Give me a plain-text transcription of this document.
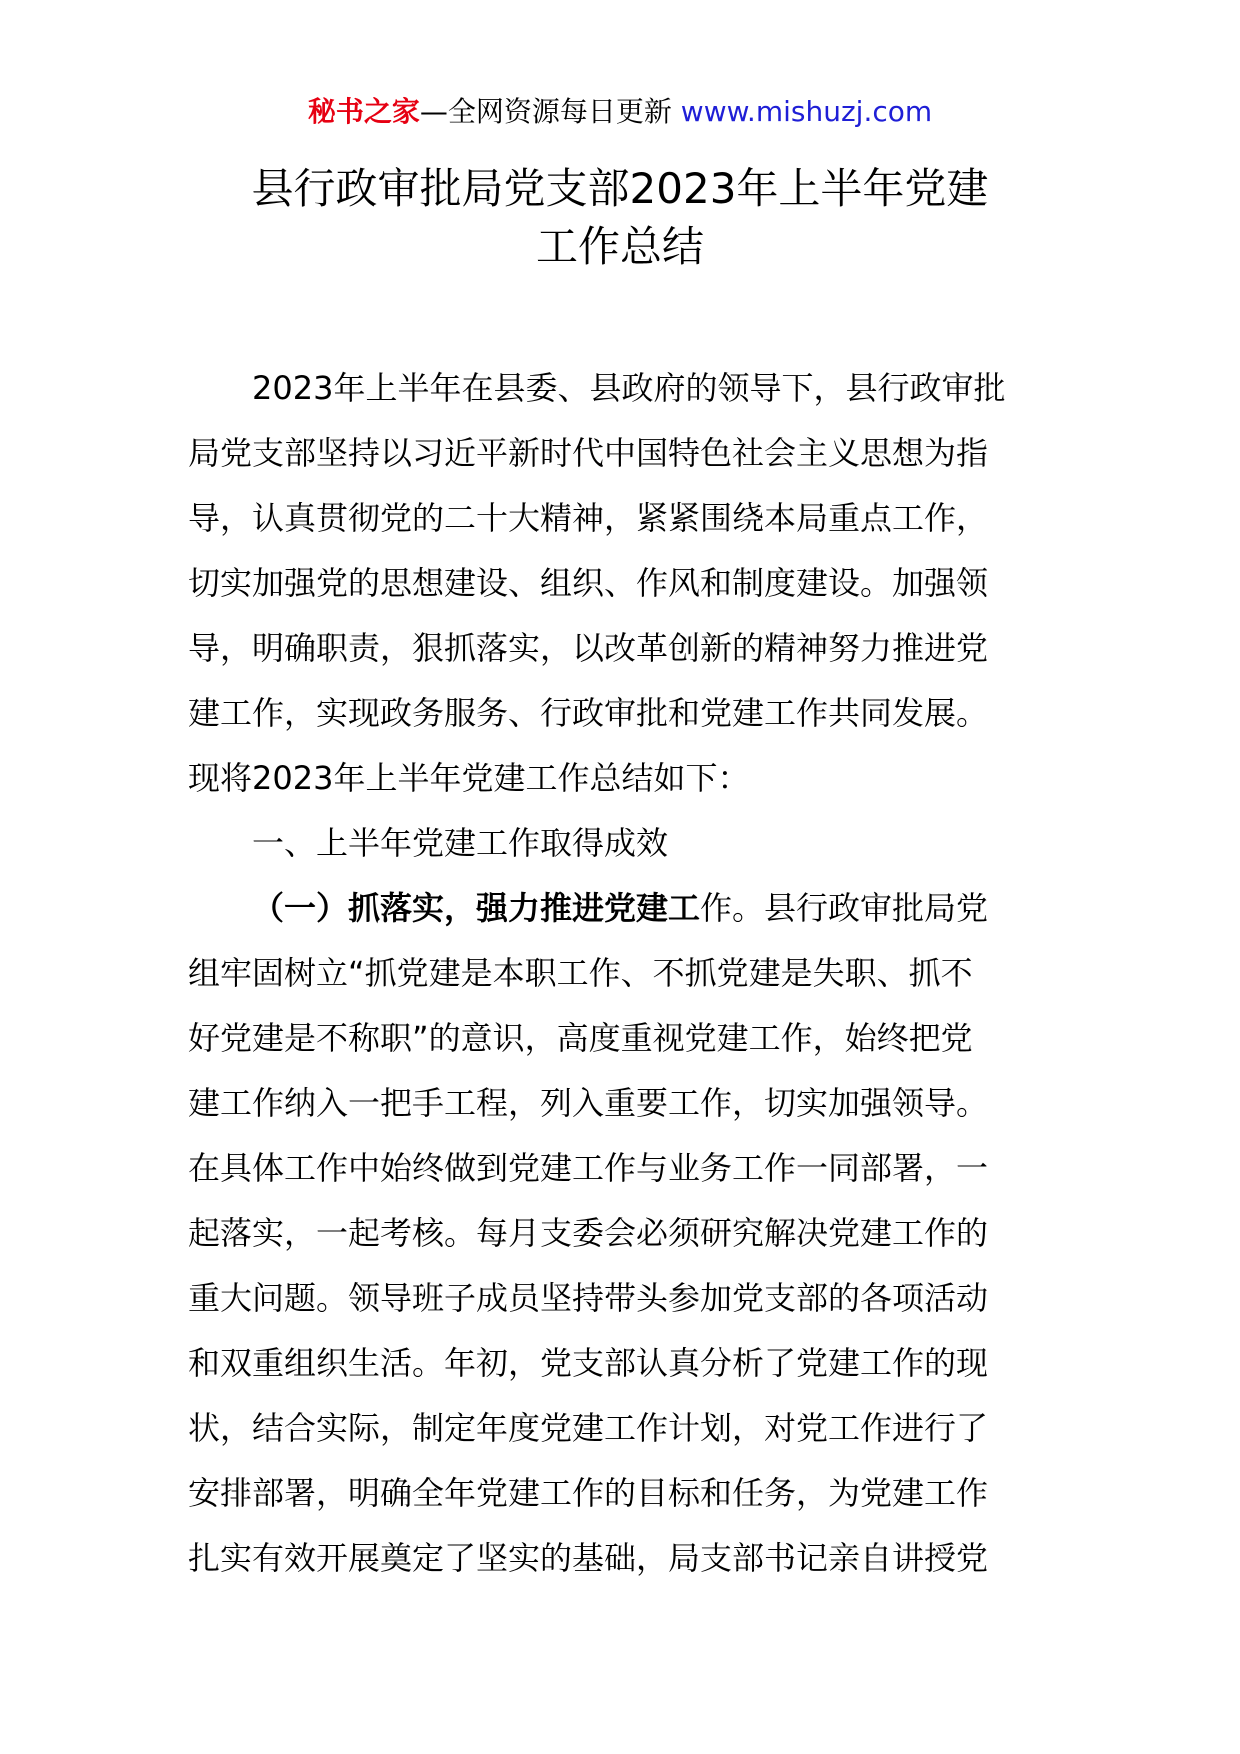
秘书之家—全网资源每日更新 www.mishuzj.com
县行政审批局党支部2023年上半年党建
工作总结
2023年上半年在县委、县政府的领导下，县行政审批
局党支部坚持以习近平新时代中国特色社会主义思想为指
导，认真贯彻党的二十大精神，紧紧围绕本局重点工作，
切实加强党的思想建设、组织、作风和制度建设。加强领
导，明确职责，狠抓落实，以改革创新的精神努力推进党
建工作，实现政务服务、行政审批和党建工作共同发展。
现将2023年上半年党建工作总结如下：
一、上半年党建工作取得成效
（一）抓落实，强力推进党建工作。县行政审批局党
组牢固树立“抓党建是本职工作、不抓党建是失职、抓不
好党建是不称职”的意识，高度重视党建工作，始终把党
建工作纳入一把手工程，列入重要工作，切实加强领导。
在具体工作中始终做到党建工作与业务工作一同部署，一
起落实，一起考核。每月支委会必须研究解决党建工作的
重大问题。领导班子成员坚持带头参加党支部的各项活动
和双重组织生活。年初，党支部认真分析了党建工作的现
状，结合实际，制定年度党建工作计划，对党工作进行了
安排部署，明确全年党建工作的目标和任务，为党建工作
扎实有效开展奠定了坚实的基础，局支部书记亲自讲授党
